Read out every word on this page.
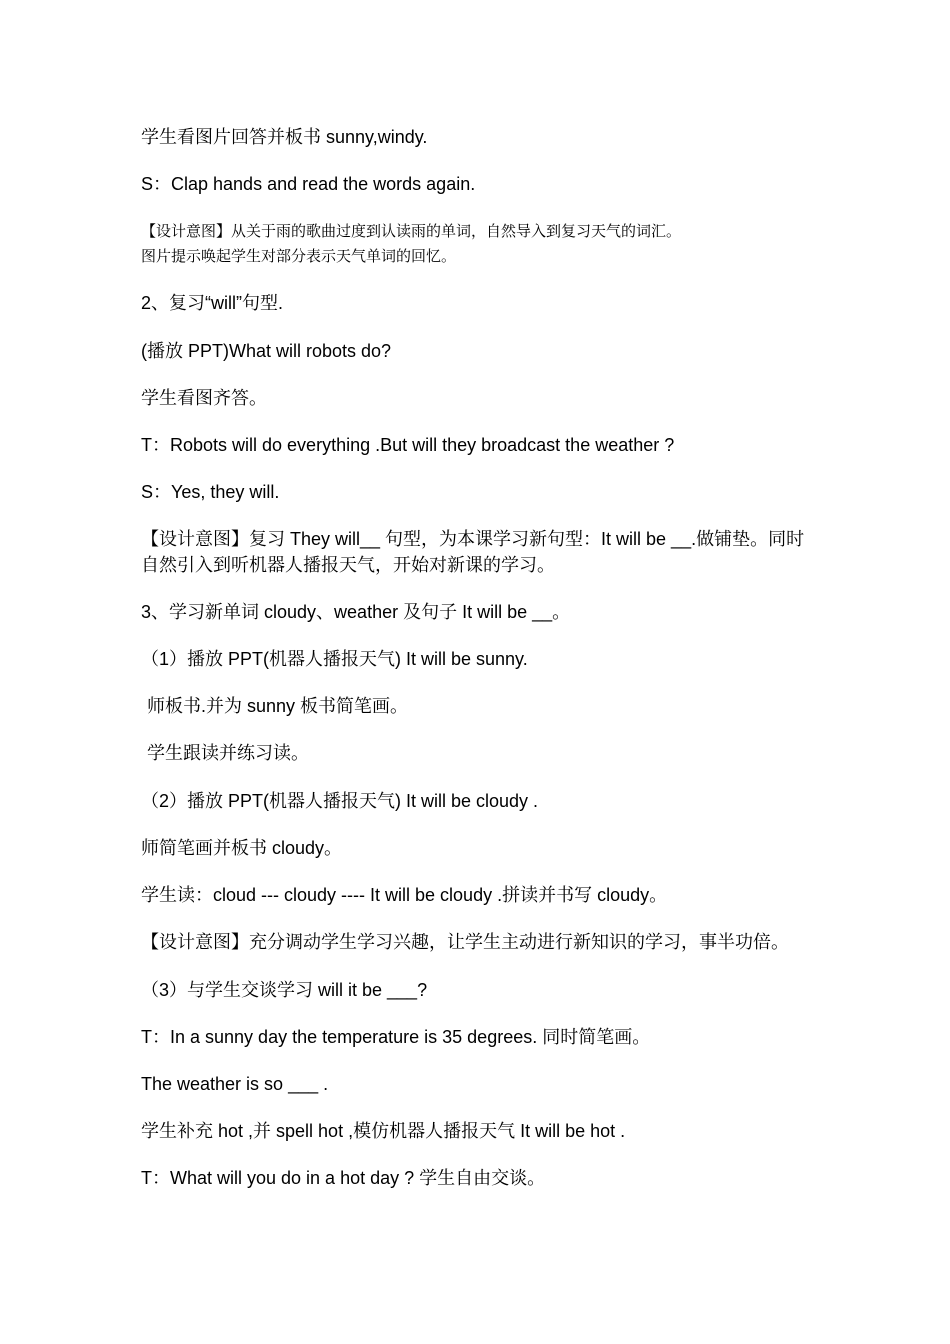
学生看图片回答并板书 sunny,windy.
S：Clap hands and read the words again.
【设计意图】从关于雨的歌曲过度到认读雨的单词，自然导入到复习天气的词汇。
图片提示唤起学生对部分表示天气单词的回忆。
2、复习“will”句型.
(播放 PPT)What will robots do?
学生看图齐答。
T：Robots will do everything .But will they broadcast the weather ?
S：Yes, they will.
【设计意图】复习 They will__ 句型，为本课学习新句型：It will be __.做铺垫。同时
自然引入到听机器人播报天气，开始对新课的学习。
3、学习新单词 cloudy、weather 及句子 It will be __。
（1）播放 PPT(机器人播报天气) It will be sunny.
师板书.并为 sunny 板书简笔画。
学生跟读并练习读。
（2）播放 PPT(机器人播报天气) It will be cloudy .
师简笔画并板书 cloudy。
学生读：cloud --- cloudy ---- It will be cloudy .拼读并书写 cloudy。
【设计意图】充分调动学生学习兴趣，让学生主动进行新知识的学习，事半功倍。
（3）与学生交谈学习 will it be ___?
T：In a sunny day the temperature is 35 degrees. 同时简笔画。
The weather is so ___ .
学生补充 hot ,并 spell hot ,模仿机器人播报天气 It will be hot .
T：What will you do in a hot day ? 学生自由交谈。
